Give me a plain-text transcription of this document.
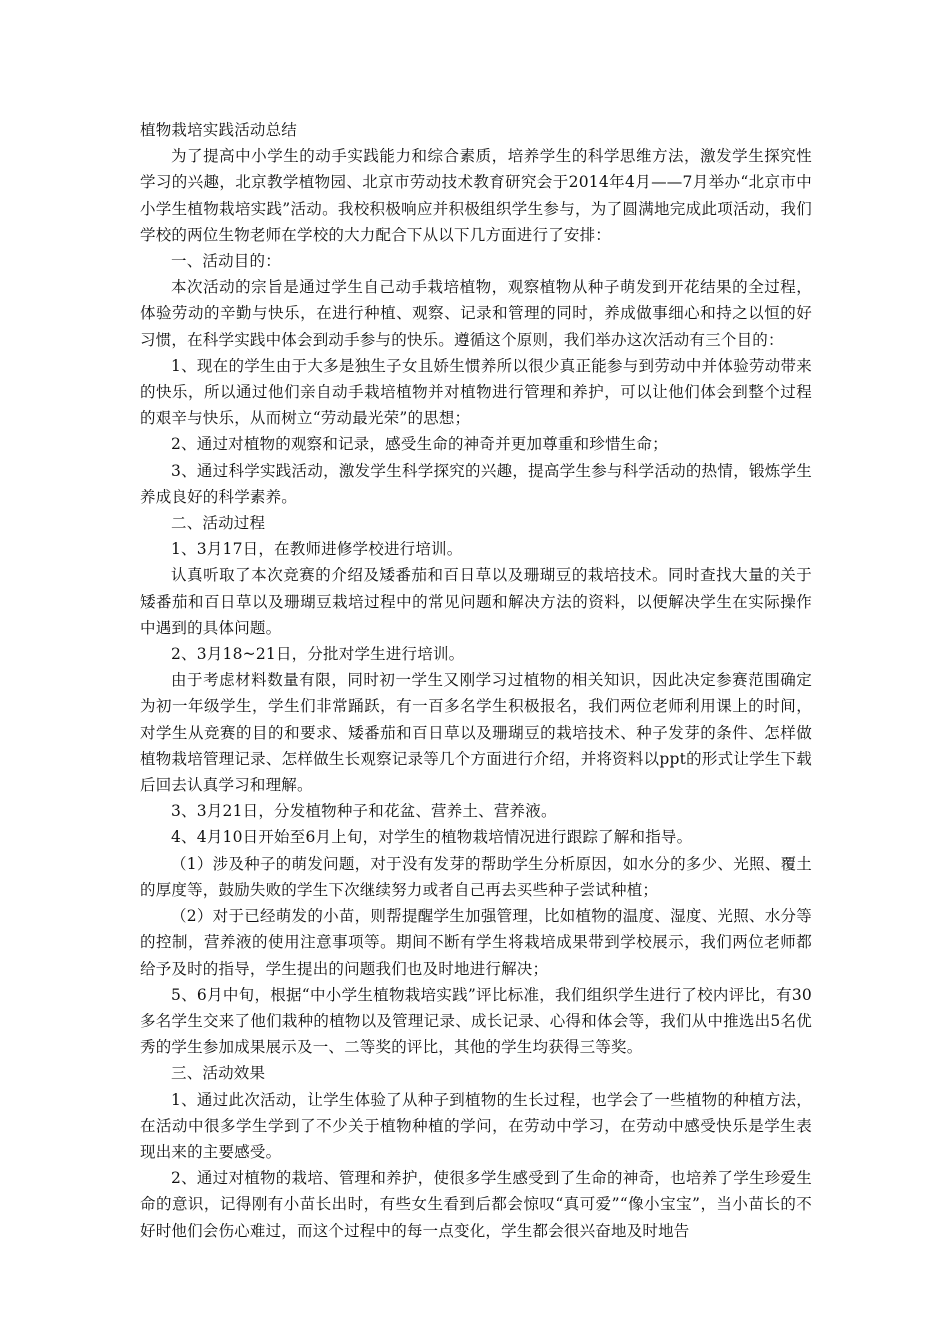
植物栽培实践活动总结

为了提高中小学生的动手实践能力和综合素质，培养学生的科学思维方法，激发学生探究性学习的兴趣，北京教学植物园、北京市劳动技术教育研究会于2014年4月——7月举办“北京市中小学生植物栽培实践”活动。我校积极响应并积极组织学生参与，为了圆满地完成此项活动，我们学校的两位生物老师在学校的大力配合下从以下几方面进行了安排：

一、活动目的：

本次活动的宗旨是通过学生自己动手栽培植物，观察植物从种子萌发到开花结果的全过程，体验劳动的辛勤与快乐，在进行种植、观察、记录和管理的同时，养成做事细心和持之以恒的好习惯，在科学实践中体会到动手参与的快乐。遵循这个原则，我们举办这次活动有三个目的：

1、现在的学生由于大多是独生子女且娇生惯养所以很少真正能参与到劳动中并体验劳动带来的快乐，所以通过他们亲自动手栽培植物并对植物进行管理和养护，可以让他们体会到整个过程的艰辛与快乐，从而树立“劳动最光荣”的思想；

2、通过对植物的观察和记录，感受生命的神奇并更加尊重和珍惜生命；

3、通过科学实践活动，激发学生科学探究的兴趣，提高学生参与科学活动的热情，锻炼学生养成良好的科学素养。

二、活动过程

1、3月17日，在教师进修学校进行培训。

认真听取了本次竞赛的介绍及矮番茄和百日草以及珊瑚豆的栽培技术。同时查找大量的关于矮番茄和百日草以及珊瑚豆栽培过程中的常见问题和解决方法的资料，以便解决学生在实际操作中遇到的具体问题。

2、3月18~21日，分批对学生进行培训。

由于考虑材料数量有限，同时初一学生又刚学习过植物的相关知识，因此决定参赛范围确定为初一年级学生，学生们非常踊跃，有一百多名学生积极报名，我们两位老师利用课上的时间，对学生从竞赛的目的和要求、矮番茄和百日草以及珊瑚豆的栽培技术、种子发芽的条件、怎样做植物栽培管理记录、怎样做生长观察记录等几个方面进行介绍，并将资料以ppt的形式让学生下载后回去认真学习和理解。

3、3月21日，分发植物种子和花盆、营养土、营养液。

4、4月10日开始至6月上旬，对学生的植物栽培情况进行跟踪了解和指导。

（1）涉及种子的萌发问题，对于没有发芽的帮助学生分析原因，如水分的多少、光照、覆土的厚度等，鼓励失败的学生下次继续努力或者自己再去买些种子尝试种植；

（2）对于已经萌发的小苗，则帮提醒学生加强管理，比如植物的温度、湿度、光照、水分等的控制，营养液的使用注意事项等。期间不断有学生将栽培成果带到学校展示，我们两位老师都给予及时的指导，学生提出的问题我们也及时地进行解决；

5、6月中旬，根据“中小学生植物栽培实践”评比标准，我们组织学生进行了校内评比，有30多名学生交来了他们栽种的植物以及管理记录、成长记录、心得和体会等，我们从中推选出5名优秀的学生参加成果展示及一、二等奖的评比，其他的学生均获得三等奖。

三、活动效果

1、通过此次活动，让学生体验了从种子到植物的生长过程，也学会了一些植物的种植方法，在活动中很多学生学到了不少关于植物种植的学问，在劳动中学习，在劳动中感受快乐是学生表现出来的主要感受。

2、通过对植物的栽培、管理和养护，使很多学生感受到了生命的神奇，也培养了学生珍爱生命的意识，记得刚有小苗长出时，有些女生看到后都会惊叹“真可爱”“像小宝宝”，当小苗长的不好时他们会伤心难过，而这个过程中的每一点变化，学生都会很兴奋地及时地告
